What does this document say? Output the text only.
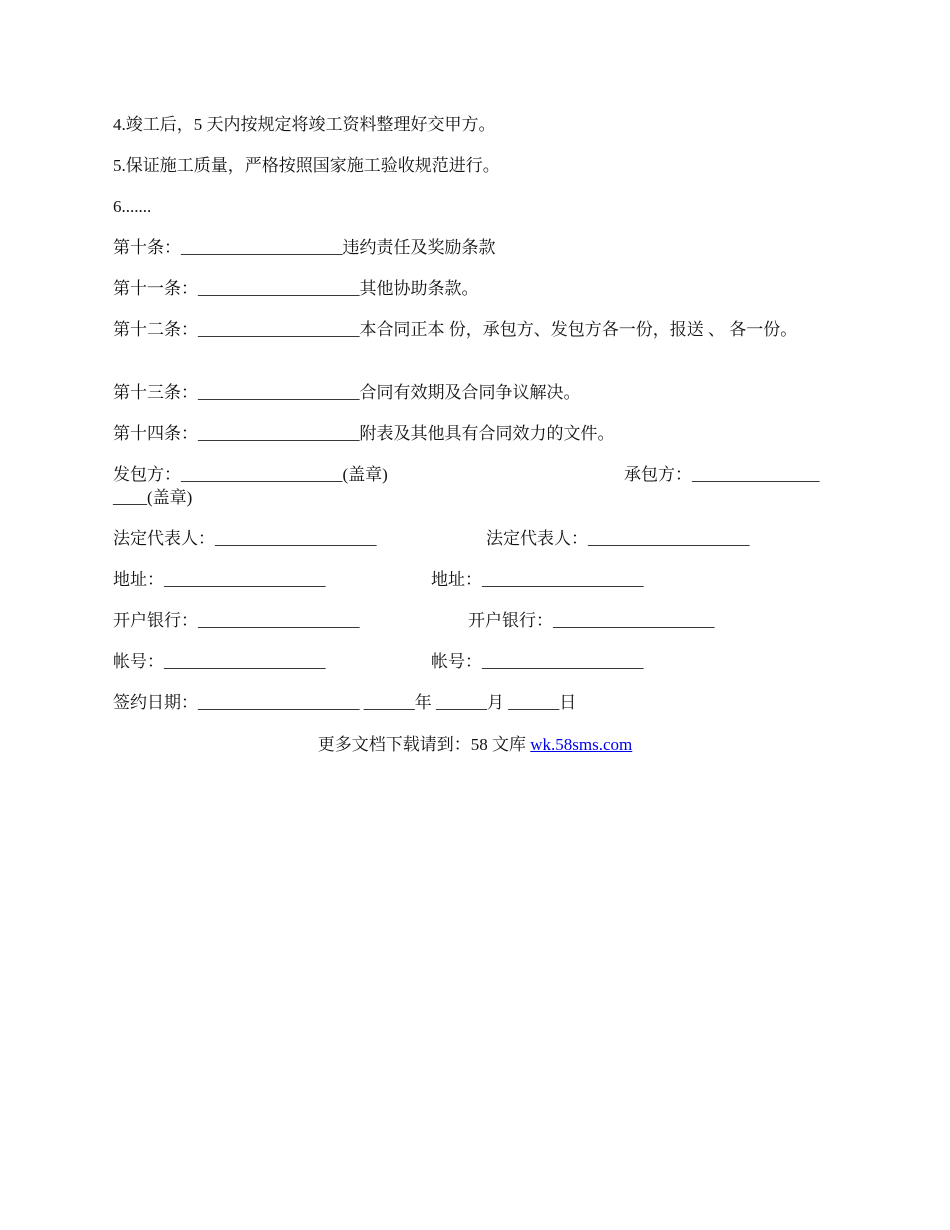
4.竣工后，5 天内按规定将竣工资料整理好交甲方。
5.保证施工质量，严格按照国家施工验收规范进行。
6.......
第十条：___________________违约责任及奖励条款
第十一条：___________________其他协助条款。
第十二条：___________________本合同正本 份，承包方、发包方各一份，报送 、 各一份。
第十三条：___________________合同有效期及合同争议解决。
第十四条：___________________附表及其他具有合同效力的文件。
发包方：___________________(盖章)	承包方：_______________
____(盖章)
法定代表人：___________________	法定代表人：___________________
地址：___________________	地址：___________________
开户银行：___________________	开户银行：___________________
帐号：___________________	帐号：___________________
签约日期：___________________ ______年 ______月 ______日
更多文档下载请到：58 文库 wk.58sms.com
